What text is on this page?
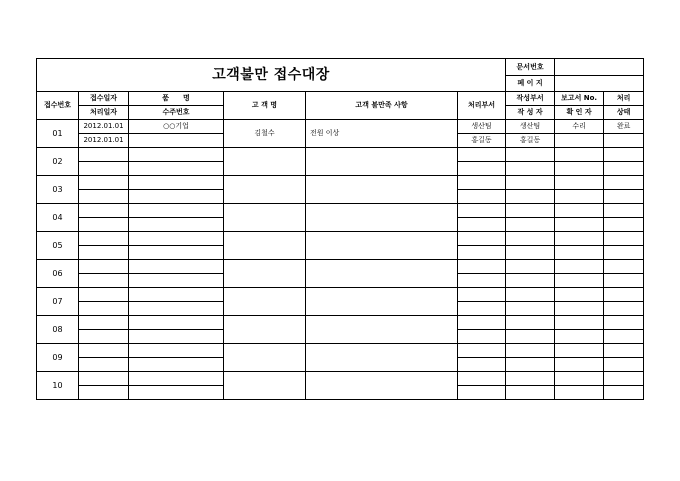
고객불만 접수대장						문서번호		
						페 이 지		
접수번호	접수일자	품　　명	고 객 명	고객 불만족 사항	처리부서	작성부서	보고서 No.	처리
	처리일자	수주번호				작 성 자	확 인 자	상태
01	2012.01.01	○○기업	김철수	전원 이상	생산팀	생산팀	수리	완료
	2012.01.01				홍길동	홍길동		
02								

03								

04								

05								

06								

07								

08								

09								

10								
